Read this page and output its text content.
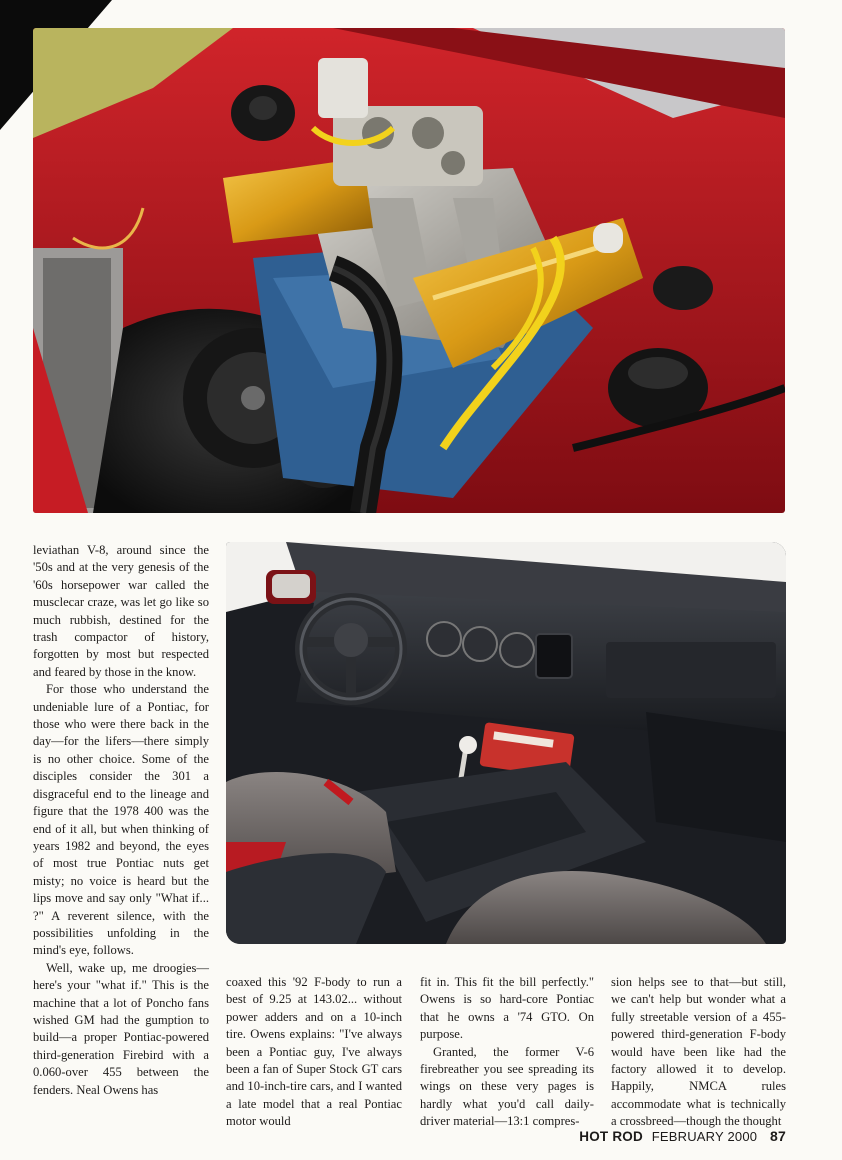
leviathan V-8, around since the '50s and at the very genesis of the '60s horsepower war called the musclecar craze, was let go like so much rubbish, destined for the trash compactor of history, forgotten by most but respected and feared by those in the know.

For those who understand the undeniable lure of a Pontiac, for those who were there back in the day—for the lifers—there simply is no other choice. Some of the disciples consider the 301 a disgraceful end to the lineage and figure that the 1978 400 was the end of it all, but when thinking of years 1982 and beyond, the eyes of most true Pontiac nuts get misty; no voice is heard but the lips move and say only "What if... ?" A reverent silence, with the possibilities unfolding in the mind's eye, follows.

Well, wake up, me droogies—here's your "what if." This is the machine that a lot of Poncho fans wished GM had the gumption to build—a proper Pontiac-powered third-generation Firebird with a 0.060-over 455 between the fenders. Neal Owens has

coaxed this '92 F-body to run a best of 9.25 at 143.02... without power adders and on a 10-inch tire. Owens explains: "I've always been a Pontiac guy, I've always been a fan of Super Stock GT cars and 10-inch-tire cars, and I wanted a late model that a real Pontiac motor would

fit in. This fit the bill perfectly." Owens is so hard-core Pontiac that he owns a '74 GTO. On purpose.

Granted, the former V-6 firebreather you see spreading its wings on these very pages is hardly what you'd call daily-driver material—13:1 compres-

sion helps see to that—but still, we can't help but wonder what a fully streetable version of a 455-powered third-generation F-body would have been like had the factory allowed it to develop. Happily, NMCA rules accommodate what is technically a crossbreed—though the thought

HOT ROD FEBRUARY 2000 87
